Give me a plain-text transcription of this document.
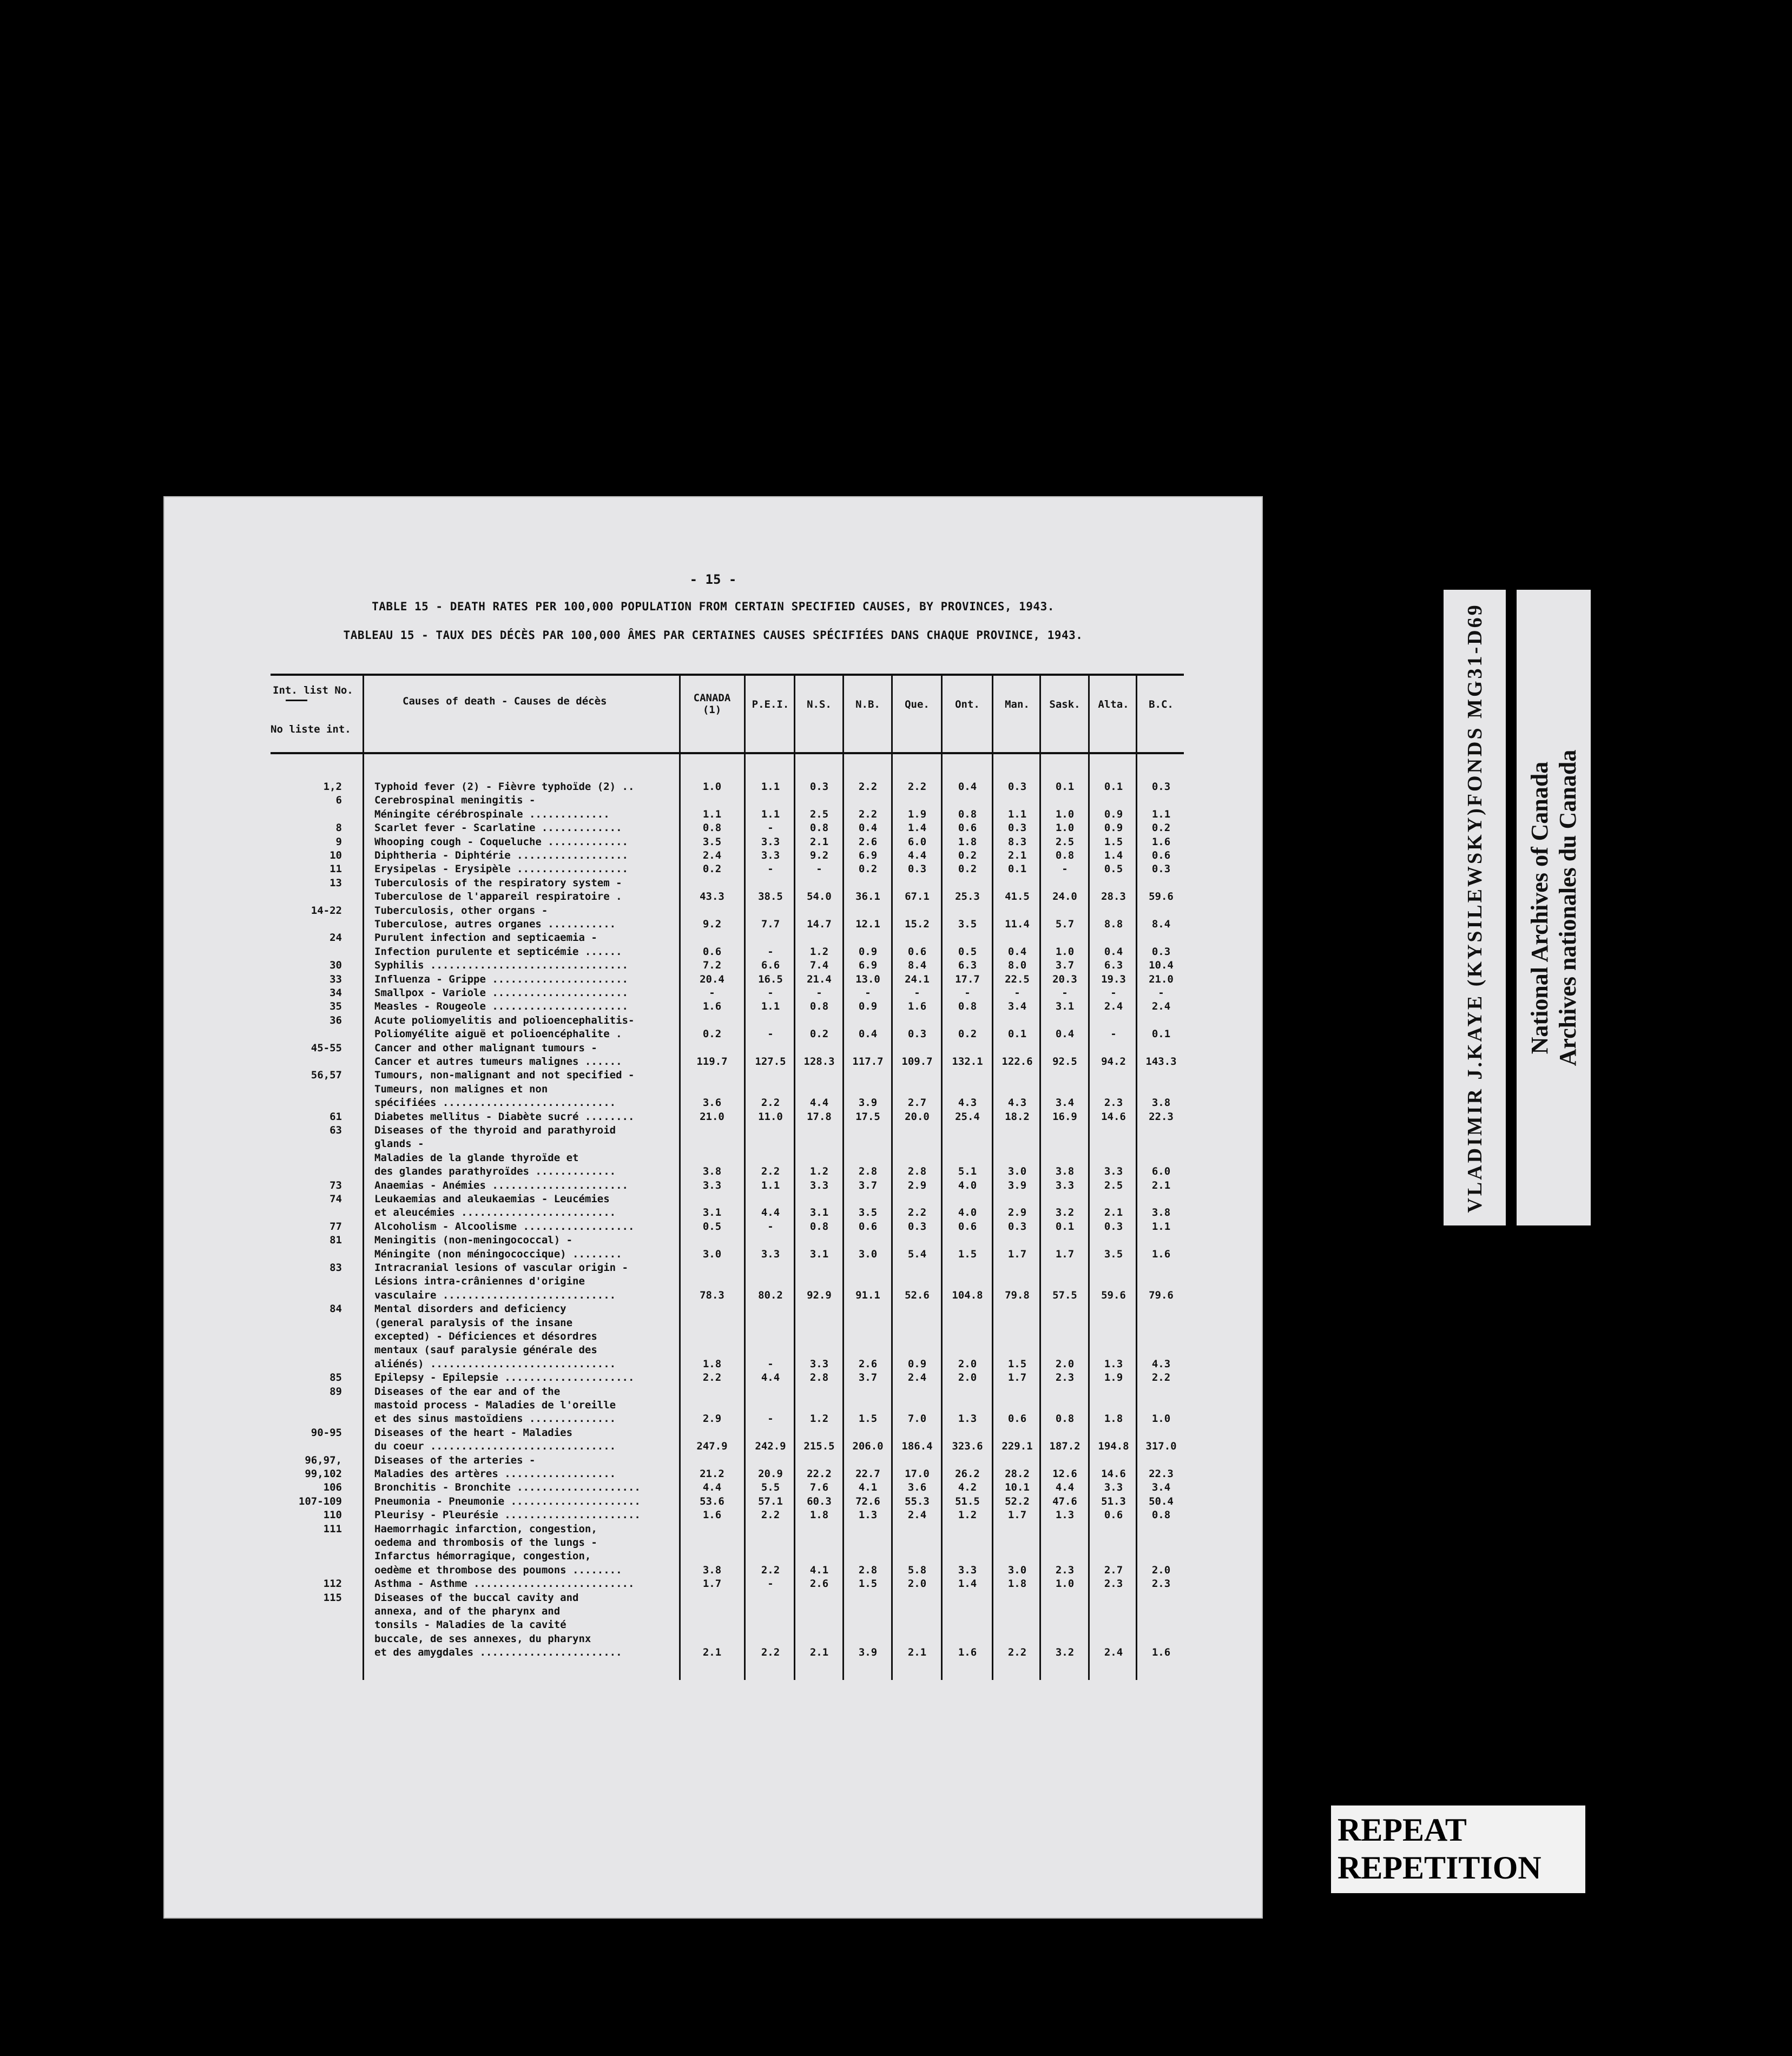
- 15 -
TABLE 15 - DEATH RATES PER 100,000 POPULATION FROM CERTAIN SPECIFIED CAUSES, BY PROVINCES, 1943.
TABLEAU 15 - TAUX DES DÉCÈS PAR 100,000 ÂMES PAR CERTAINES CAUSES SPÉCIFIÉES DANS CHAQUE PROVINCE, 1943.
Int. list No.
No liste int.
Causes of death - Causes de décès	CANADA (1)	P.E.I.	N.S.	N.B.	Que.	Ont.	Man.	Sask.	Alta.	B.C.
1,2	Typhoid fever (2) - Fièvre typhoïde (2) ..	1.0	1.1	0.3	2.2	2.2	0.4	0.3	0.1	0.1	0.3
6	Cerebrospinal meningitis -
Méningite cérébrospinale .............	1.1	1.1	2.5	2.2	1.9	0.8	1.1	1.0	0.9	1.1
8	Scarlet fever - Scarlatine .............	0.8	-	0.8	0.4	1.4	0.6	0.3	1.0	0.9	0.2
9	Whooping cough - Coqueluche .............	3.5	3.3	2.1	2.6	6.0	1.8	8.3	2.5	1.5	1.6
10	Diphtheria - Diphtérie ..................	2.4	3.3	9.2	6.9	4.4	0.2	2.1	0.8	1.4	0.6
11	Erysipelas - Erysipèle ..................	0.2	-	-	0.2	0.3	0.2	0.1	-	0.5	0.3
13	Tuberculosis of the respiratory system -
Tuberculose de l'appareil respiratoire .	43.3	38.5	54.0	36.1	67.1	25.3	41.5	24.0	28.3	59.6
14-22	Tuberculosis, other organs -
Tuberculose, autres organes ...........	9.2	7.7	14.7	12.1	15.2	3.5	11.4	5.7	8.8	8.4
24	Purulent infection and septicaemia -
Infection purulente et septicémie ......	0.6	-	1.2	0.9	0.6	0.5	0.4	1.0	0.4	0.3
30	Syphilis ................................	7.2	6.6	7.4	6.9	8.4	6.3	8.0	3.7	6.3	10.4
33	Influenza - Grippe ......................	20.4	16.5	21.4	13.0	24.1	17.7	22.5	20.3	19.3	21.0
34	Smallpox - Variole ......................	-	-	-	-	-	-	-	-	-	-
35	Measles - Rougeole ......................	1.6	1.1	0.8	0.9	1.6	0.8	3.4	3.1	2.4	2.4
36	Acute poliomyelitis and polioencephalitis-
Poliomyélite aiguë et polioencéphalite .	0.2	-	0.2	0.4	0.3	0.2	0.1	0.4	-	0.1
45-55	Cancer and other malignant tumours -
Cancer et autres tumeurs malignes ......	119.7	127.5	128.3	117.7	109.7	132.1	122.6	92.5	94.2	143.3
56,57	Tumours, non-malignant and not specified -
Tumeurs, non malignes et non
spécifiées ............................	3.6	2.2	4.4	3.9	2.7	4.3	4.3	3.4	2.3	3.8
61	Diabetes mellitus - Diabète sucré ........	21.0	11.0	17.8	17.5	20.0	25.4	18.2	16.9	14.6	22.3
63	Diseases of the thyroid and parathyroid
glands -
Maladies de la glande thyroïde et
des glandes parathyroïdes .............	3.8	2.2	1.2	2.8	2.8	5.1	3.0	3.8	3.3	6.0
73	Anaemias - Anémies ......................	3.3	1.1	3.3	3.7	2.9	4.0	3.9	3.3	2.5	2.1
74	Leukaemias and aleukaemias - Leucémies
et aleucémies .........................	3.1	4.4	3.1	3.5	2.2	4.0	2.9	3.2	2.1	3.8
77	Alcoholism - Alcoolisme ..................	0.5	-	0.8	0.6	0.3	0.6	0.3	0.1	0.3	1.1
81	Meningitis (non-meningococcal) -
Méningite (non méningococcique) ........	3.0	3.3	3.1	3.0	5.4	1.5	1.7	1.7	3.5	1.6
83	Intracranial lesions of vascular origin -
Lésions intra-crâniennes d'origine
vasculaire ............................	78.3	80.2	92.9	91.1	52.6	104.8	79.8	57.5	59.6	79.6
84	Mental disorders and deficiency
(general paralysis of the insane
excepted) - Déficiences et désordres
mentaux (sauf paralysie générale des
aliénés) ..............................	1.8	-	3.3	2.6	0.9	2.0	1.5	2.0	1.3	4.3
85	Epilepsy - Epilepsie .....................	2.2	4.4	2.8	3.7	2.4	2.0	1.7	2.3	1.9	2.2
89	Diseases of the ear and of the
mastoid process - Maladies de l'oreille
et des sinus mastoïdiens ..............	2.9	-	1.2	1.5	7.0	1.3	0.6	0.8	1.8	1.0
90-95	Diseases of the heart - Maladies
du coeur ..............................	247.9	242.9	215.5	206.0	186.4	323.6	229.1	187.2	194.8	317.0
96,97,	Diseases of the arteries -
99,102	Maladies des artères ..................	21.2	20.9	22.2	22.7	17.0	26.2	28.2	12.6	14.6	22.3
106	Bronchitis - Bronchite ....................	4.4	5.5	7.6	4.1	3.6	4.2	10.1	4.4	3.3	3.4
107-109	Pneumonia - Pneumonie .....................	53.6	57.1	60.3	72.6	55.3	51.5	52.2	47.6	51.3	50.4
110	Pleurisy - Pleurésie ......................	1.6	2.2	1.8	1.3	2.4	1.2	1.7	1.3	0.6	0.8
111	Haemorrhagic infarction, congestion,
oedema and thrombosis of the lungs -
Infarctus hémorragique, congestion,
oedème et thrombose des poumons ........	3.8	2.2	4.1	2.8	5.8	3.3	3.0	2.3	2.7	2.0
112	Asthma - Asthme ..........................	1.7	-	2.6	1.5	2.0	1.4	1.8	1.0	2.3	2.3
115	Diseases of the buccal cavity and
annexa, and of the pharynx and
tonsils - Maladies de la cavité
buccale, de ses annexes, du pharynx
et des amygdales .......................	2.1	2.2	2.1	3.9	2.1	1.6	2.2	3.2	2.4	1.6
VLADIMIR J.KAYE (KYSILEWSKY)FONDS MG31-D69 National Archives of Canada Archives nationales du Canada
REPEAT
REPETITION
